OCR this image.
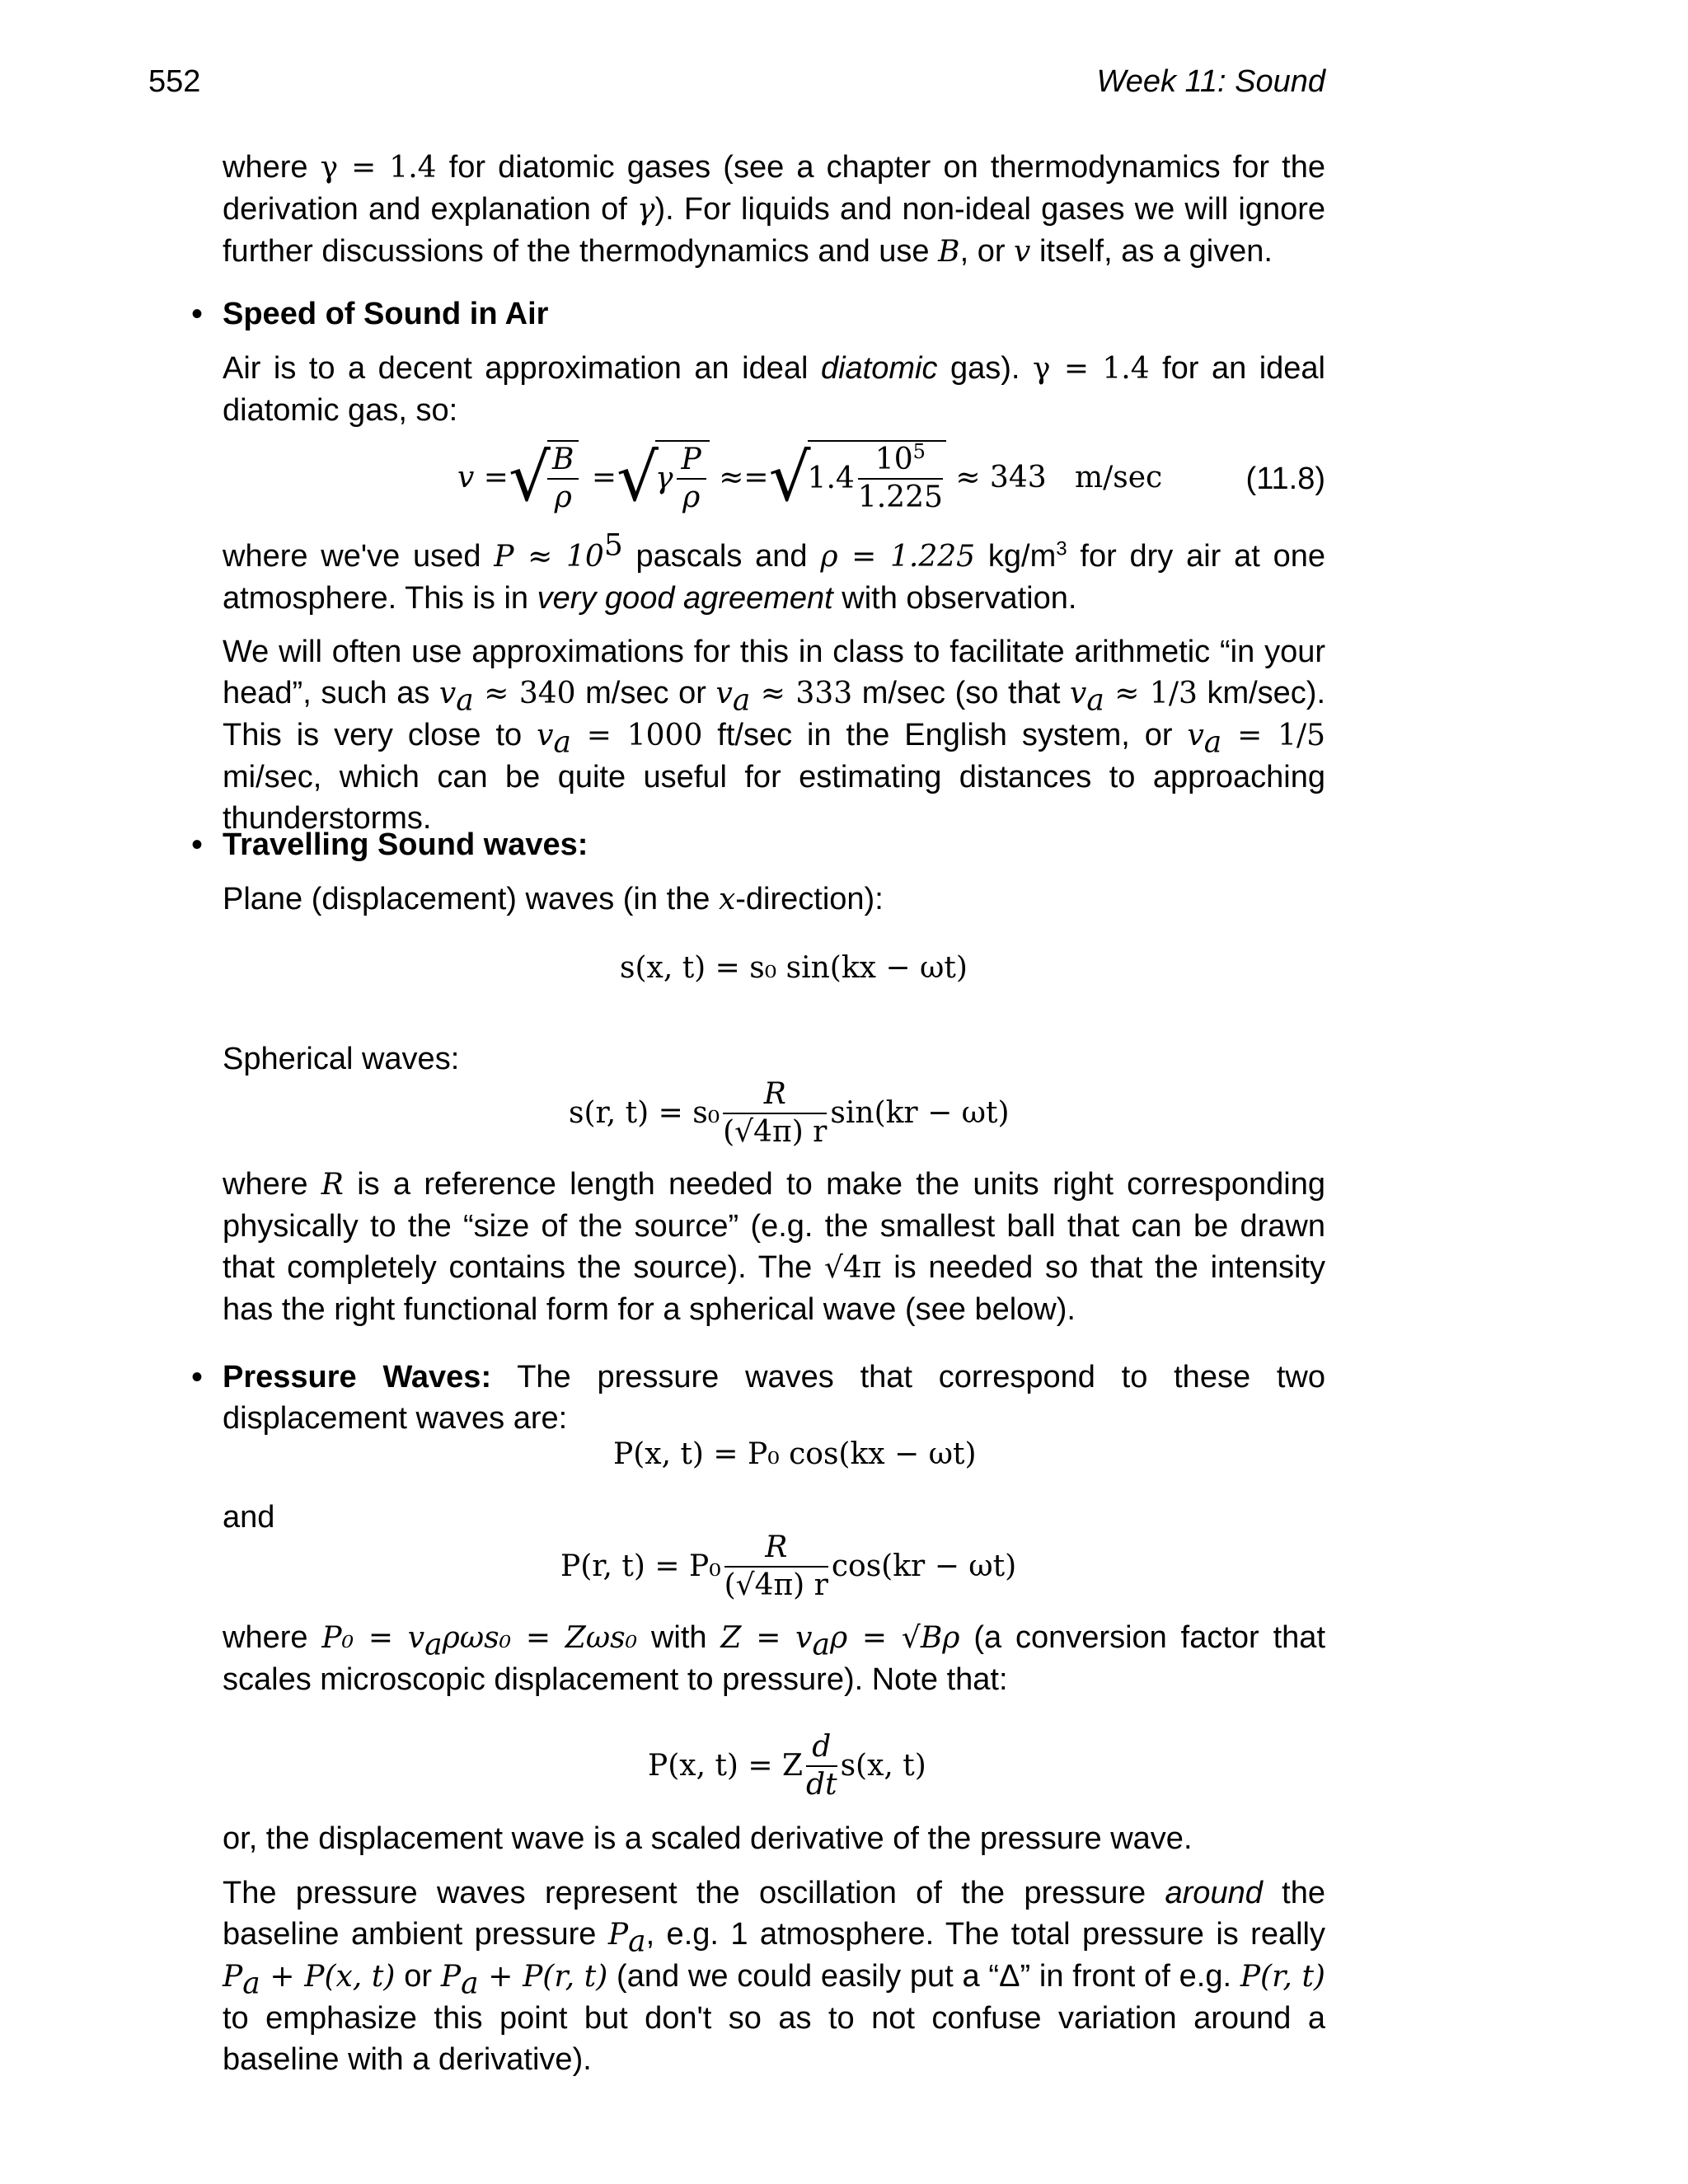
552	Week 11: Sound
where γ = 1.4 for diatomic gases (see a chapter on thermodynamics for the derivation and explanation of γ). For liquids and non-ideal gases we will ignore further discussions of the thermodynamics and use B, or v itself, as a given.
• Speed of Sound in Air
Air is to a decent approximation an ideal diatomic gas). γ = 1.4 for an ideal diatomic gas, so:
v
= √
$\frac{B}{\rho}$
= √
γ $\frac{P}{\rho}$
≈= √
$1.4 \frac{10^5}{1.225}$
≈ 343
m/sec	(11.8)
where we've used $P \approx 10^5$ pascals and ρ = 1.225 $kg/m^3$ for dry air at one atmosphere. This is in very good agreement with observation.
We will often use approximations for this in class to facilitate arithmetic “in your head”, such as $v_a \approx 340$ m/sec or $v_a \approx 333$ m/sec (so that $v_a \approx 1/3$ km/sec). This is very close to $v_a = 1000$ ft/sec in the English system, or $v_a = 1/5$ mi/sec, which can be quite useful for estimating distances to approaching thunderstorms.
• Travelling Sound waves:
Plane (displacement) waves (in the x-direction):
s(x, t) = s₀ sin(kx − ωt)
Spherical waves:
s(r, $t) = s_0 \frac{R}{(√4\pi) r} \sin(kr - \omega t)$
where R is a reference length needed to make the units right corresponding physically to the “size of the source” (e.g. the smallest ball that can be drawn that completely contains the source). The √4π is needed so that the intensity has the right functional form for a spherical wave (see below).
• Pressure Waves: The pressure waves that correspond to these two displacement waves are:
P(x, t) = P₀ cos(kx − ωt)
and
P(r, $t) = P_0 \frac{R}{(√4\pi) r} \cos(kr - \omega t)$
where $P_0 = v_a\rho\omega s_0 = Z\omega s_0$ with $Z = v_a\rho = √B\rho$ (a conversion factor that scales microscopic displacement to pressure). Note that:
P(x, t) = Z $\frac{d}{dt} s(x$, t)
or, the displacement wave is a scaled derivative of the pressure wave.
The pressure waves represent the oscillation of the pressure around the baseline ambient pressure $P_a$, e.g. 1 atmosphere. The total pressure is really $P_a + P(x$, t) or $P_a + P(r$, t) (and we could easily put a “Δ” in front of e.g. P(r, t) to emphasize this point but don't so as to not confuse variation around a baseline with a derivative).
